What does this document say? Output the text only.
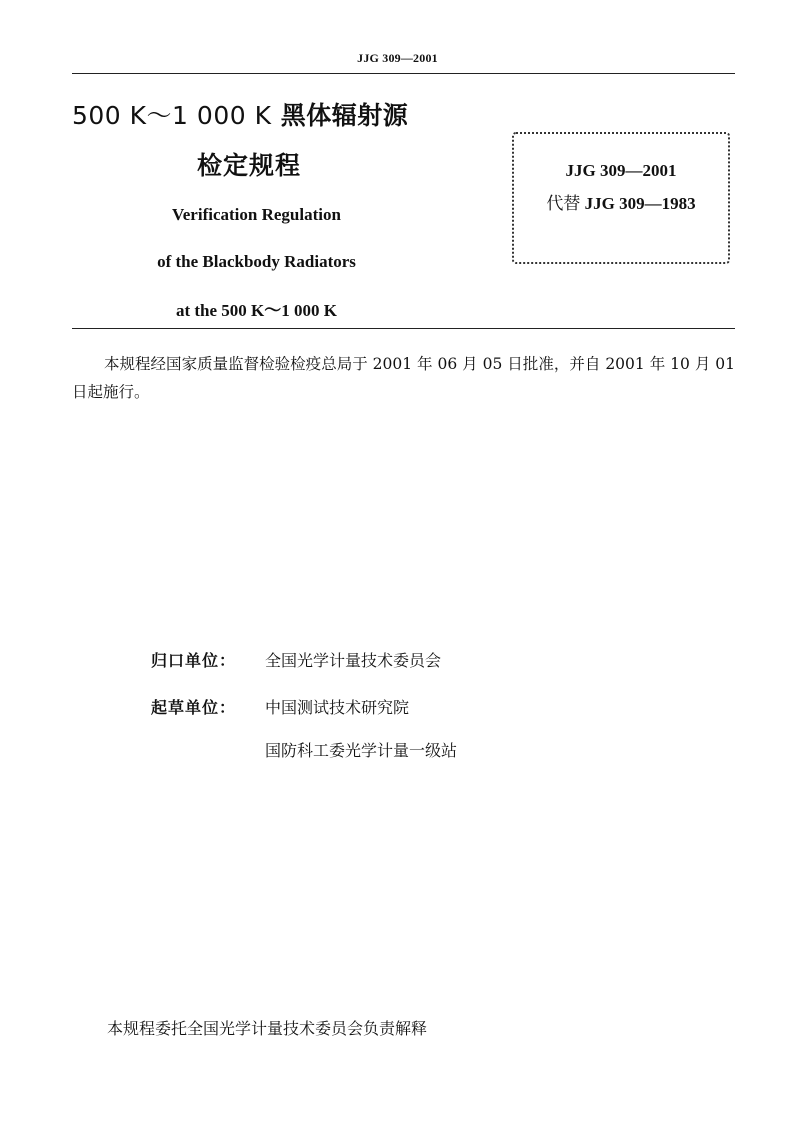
JJG 309—2001
500 K～1 000 K 黑体辐射源
检定规程
Verification Regulation
of the Blackbody Radiators
at the 500 K～1 000 K
JJG 309—2001
代替 JJG 309—1983
本规程经国家质量监督检验检疫总局于 2001 年 06 月 05 日批准，并自 2001 年 10 月 01 日起施行。
归口单位： 全国光学计量技术委员会
起草单位： 中国测试技术研究院
国防科工委光学计量一级站
本规程委托全国光学计量技术委员会负责解释
